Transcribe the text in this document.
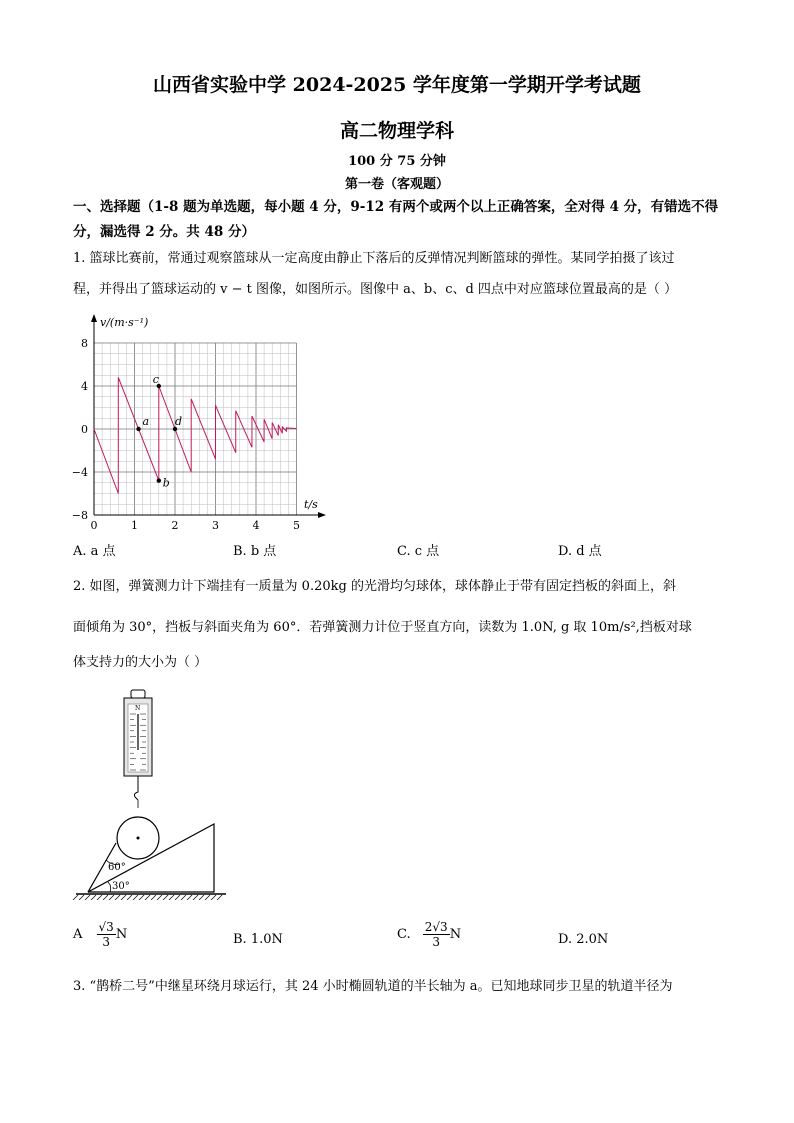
山西省实验中学 2024-2025 学年度第一学期开学考试题
高二物理学科
100 分 75 分钟
第一卷（客观题）
一、选择题（1-8 题为单选题，每小题 4 分，9-12 有两个或两个以上正确答案，全对得 4 分，有错选不得分，漏选得 2 分。共 48 分）
1. 篮球比赛前，常通过观察篮球从一定高度由静止下落后的反弹情况判断篮球的弹性。某同学拍摄了该过
程，并得出了篮球运动的 v − t 图像，如图所示。图像中 a、b、c、d 四点中对应篮球位置最高的是（ ）
v/(m·s⁻¹)
t/s
8
4
0
−4
−8
0	1	2	3	4	5
a
b
c
d
A. a 点	B. b 点	C. c 点	D. d 点
2. 如图，弹簧测力计下端挂有一质量为 0.20kg 的光滑均匀球体，球体静止于带有固定挡板的斜面上，斜
面倾角为 30°，挡板与斜面夹角为 60°．若弹簧测力计位于竖直方向，读数为 1.0N, g 取 10m/s²,挡板对球
体支持力的大小为（ ）
N
60°
30°
A $\frac{√3}{3}$ N	B. 1.0N	C. $\frac{2√3}{3}$ N	D. 2.0N
3. “鹊桥二号”中继星环绕月球运行，其 24 小时椭圆轨道的半长轴为 a。已知地球同步卫星的轨道半径为
